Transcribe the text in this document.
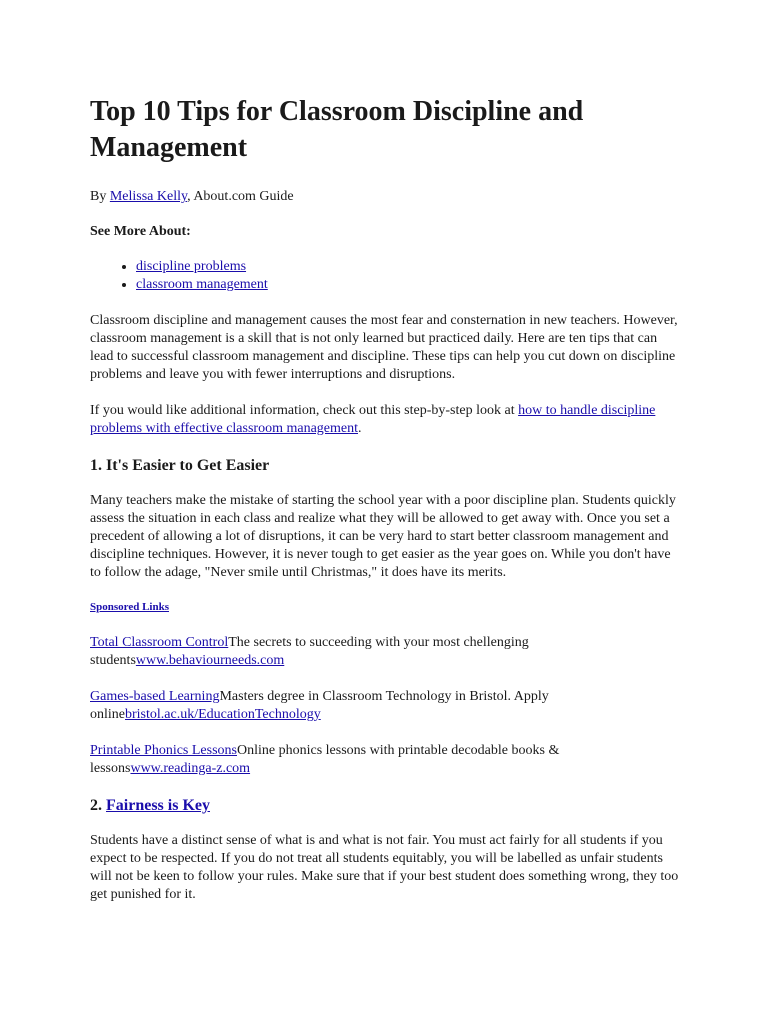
Top 10 Tips for Classroom Discipline and Management

By Melissa Kelly, About.com Guide

See More About:

• discipline problems
• classroom management

Classroom discipline and management causes the most fear and consternation in new teachers. However, classroom management is a skill that is not only learned but practiced daily. Here are ten tips that can lead to successful classroom management and discipline. These tips can help you cut down on discipline problems and leave you with fewer interruptions and disruptions.

If you would like additional information, check out this step-by-step look at how to handle discipline problems with effective classroom management.

1. It's Easier to Get Easier

Many teachers make the mistake of starting the school year with a poor discipline plan. Students quickly assess the situation in each class and realize what they will be allowed to get away with. Once you set a precedent of allowing a lot of disruptions, it can be very hard to start better classroom management and discipline techniques. However, it is never tough to get easier as the year goes on. While you don't have to follow the adage, "Never smile until Christmas," it does have its merits.

Sponsored Links

Total Classroom ControlThe secrets to succeeding with your most chellenging studentswww.behaviourneeds.com

Games-based LearningMasters degree in Classroom Technology in Bristol. Apply onlinebristol.ac.uk/EducationTechnology

Printable Phonics LessonsOnline phonics lessons with printable decodable books & lessonswww.readinga-z.com

2. Fairness is Key

Students have a distinct sense of what is and what is not fair. You must act fairly for all students if you expect to be respected. If you do not treat all students equitably, you will be labelled as unfair students will not be keen to follow your rules. Make sure that if your best student does something wrong, they too get punished for it.
